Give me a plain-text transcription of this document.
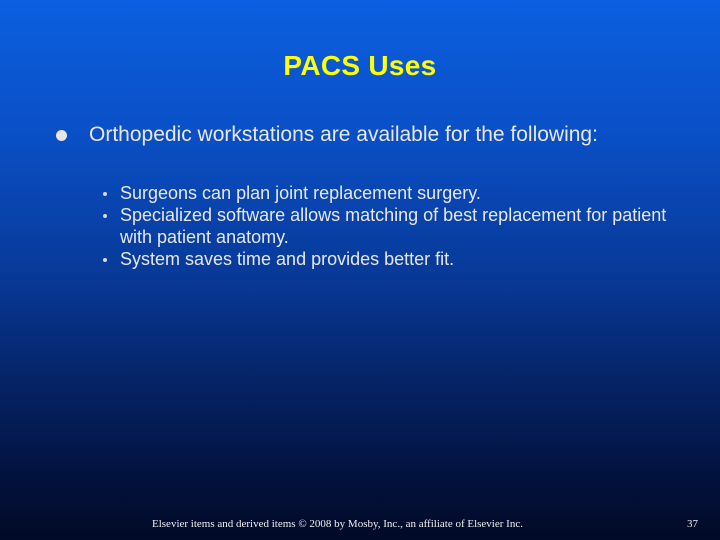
PACS Uses
Orthopedic workstations are available for the following:
Surgeons can plan joint replacement surgery.
Specialized software allows matching of best replacement for patient with patient anatomy.
System saves time and provides better fit.
Elsevier items and derived items © 2008 by Mosby, Inc., an affiliate of Elsevier Inc.	37
